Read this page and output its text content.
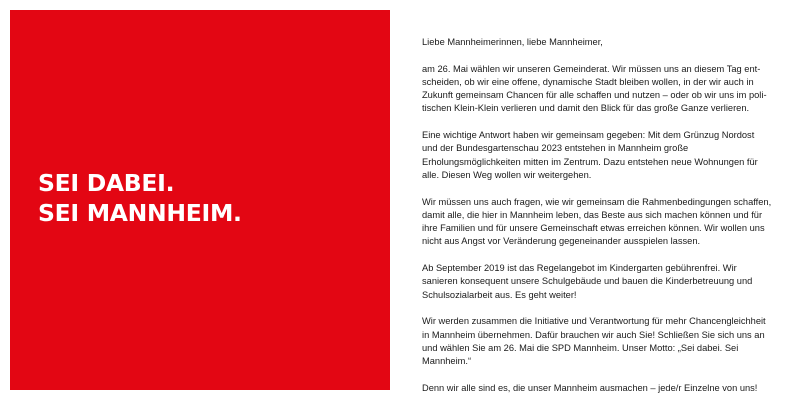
SEI DABEI.
SEI MANNHEIM.

Liebe Mannheimerinnen, liebe Mannheimer,

am 26. Mai wählen wir unseren Gemeinderat. Wir müssen uns an diesem Tag entscheiden, ob wir eine offene, dynamische Stadt bleiben wollen, in der wir auch in Zukunft gemeinsam Chancen für alle schaffen und nutzen – oder ob wir uns im politischen Klein-Klein verlieren und damit den Blick für das große Ganze verlieren.

Eine wichtige Antwort haben wir gemeinsam gegeben: Mit dem Grünzug Nordost und der Bundesgartenschau 2023 entstehen in Mannheim große Erholungsmöglichkeiten mitten im Zentrum. Dazu entstehen neue Wohnungen für alle. Diesen Weg wollen wir weitergehen.

Wir müssen uns auch fragen, wie wir gemeinsam die Rahmenbedingungen schaffen, damit alle, die hier in Mannheim leben, das Beste aus sich machen können und für ihre Familien und für unsere Gemeinschaft etwas erreichen können. Wir wollen uns nicht aus Angst vor Veränderung gegeneinander ausspielen lassen.

Ab September 2019 ist das Regelangebot im Kindergarten gebührenfrei. Wir sanieren konsequent unsere Schulgebäude und bauen die Kinderbetreuung und Schulsozialarbeit aus. Es geht weiter!

Wir werden zusammen die Initiative und Verantwortung für mehr Chancengleichheit in Mannheim übernehmen. Dafür brauchen wir auch Sie! Schließen Sie sich uns an und wählen Sie am 26. Mai die SPD Mannheim. Unser Motto: „Sei dabei. Sei Mannheim.“

Denn wir alle sind es, die unser Mannheim ausmachen – jede/r Einzelne von uns!
